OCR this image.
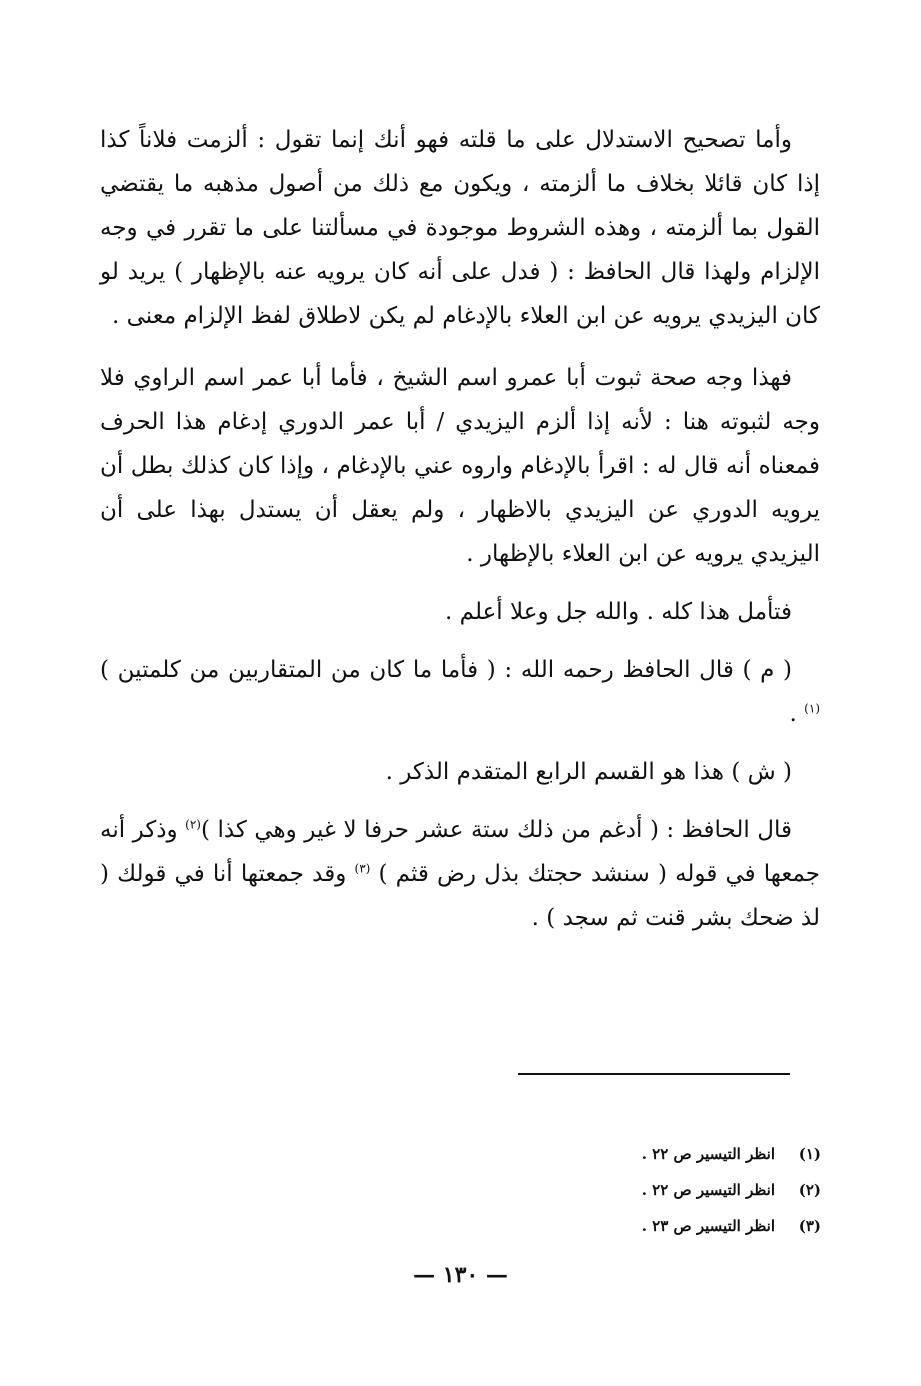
وأما تصحيح الاستدلال على ما قلته فهو أنك إنما تقول : ألزمت فلاناً كذا إذا كان قائلا بخلاف ما ألزمته ، ويكون مع ذلك من أصول مذهبه ما يقتضي القول بما ألزمته ، وهذه الشروط موجودة في مسألتنا على ما تقرر في وجه الإلزام ولهذا قال الحافظ : ( فدل على أنه كان يرويه عنه بالإظهار ) يريد لو كان اليزيدي يرويه عن ابن العلاء بالإدغام لم يكن لاطلاق لفظ الإلزام معنى .

فهذا وجه صحة ثبوت أبا عمرو اسم الشيخ ، فأما أبا عمر اسم الراوي فلا وجه لثبوته هنا : لأنه إذا ألزم اليزيدي / أبا عمر الدوري إدغام هذا الحرف فمعناه أنه قال له : اقرأ بالإدغام واروه عني بالإدغام ، وإذا كان كذلك بطل أن يرويه الدوري عن اليزيدي بالاظهار ، ولم يعقل أن يستدل بهذا على أن اليزيدي يرويه عن ابن العلاء بالإظهار .

فتأمل هذا كله . والله جل وعلا أعلم .

( م ) قال الحافظ رحمه الله : ( فأما ما كان من المتقاربين من كلمتين ) $^{(١)}$ .

( ش ) هذا هو القسم الرابع المتقدم الذكر .

قال الحافظ : ( أدغم من ذلك ستة عشر حرفا لا غير وهي كذا )$^{(٢)}$ وذكر أنه جمعها في قوله ( سنشد حجتك بذل رض قثم ) $^{(٣)}$ وقد جمعتها أنا في قولك ( لذ ضحك بشر قنت ثم سجد ) .

(١)
انظر التيسير ص ٢٢ .
(٢)
انظر التيسير ص ٢٢ .
(٣)
انظر التيسير ص ٢٣ .
— ١٣٠ —
